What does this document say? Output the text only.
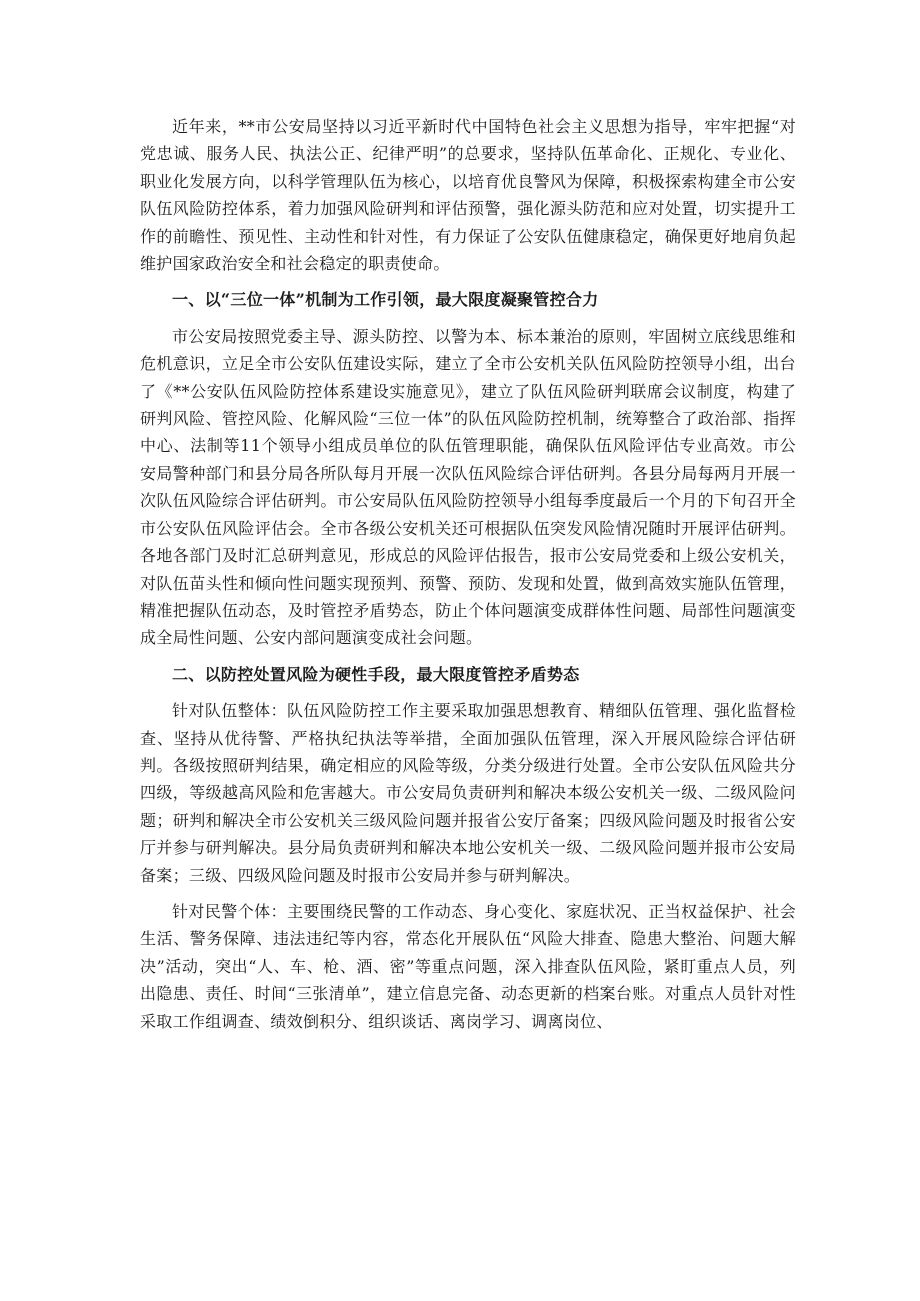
近年来，**市公安局坚持以习近平新时代中国特色社会主义思想为指导，牢牢把握“对党忠诚、服务人民、执法公正、纪律严明”的总要求，坚持队伍革命化、正规化、专业化、职业化发展方向，以科学管理队伍为核心，以培育优良警风为保障，积极探索构建全市公安队伍风险防控体系，着力加强风险研判和评估预警，强化源头防范和应对处置，切实提升工作的前瞻性、预见性、主动性和针对性，有力保证了公安队伍健康稳定，确保更好地肩负起维护国家政治安全和社会稳定的职责使命。

一、以“三位一体”机制为工作引领，最大限度凝聚管控合力

市公安局按照党委主导、源头防控、以警为本、标本兼治的原则，牢固树立底线思维和危机意识，立足全市公安队伍建设实际，建立了全市公安机关队伍风险防控领导小组，出台了《**公安队伍风险防控体系建设实施意见》，建立了队伍风险研判联席会议制度，构建了研判风险、管控风险、化解风险“三位一体”的队伍风险防控机制，统筹整合了政治部、指挥中心、法制等11个领导小组成员单位的队伍管理职能，确保队伍风险评估专业高效。市公安局警种部门和县分局各所队每月开展一次队伍风险综合评估研判。各县分局每两月开展一次队伍风险综合评估研判。市公安局队伍风险防控领导小组每季度最后一个月的下旬召开全市公安队伍风险评估会。全市各级公安机关还可根据队伍突发风险情况随时开展评估研判。各地各部门及时汇总研判意见，形成总的风险评估报告，报市公安局党委和上级公安机关，对队伍苗头性和倾向性问题实现预判、预警、预防、发现和处置，做到高效实施队伍管理，精准把握队伍动态，及时管控矛盾势态，防止个体问题演变成群体性问题、局部性问题演变成全局性问题、公安内部问题演变成社会问题。

二、以防控处置风险为硬性手段，最大限度管控矛盾势态

针对队伍整体：队伍风险防控工作主要采取加强思想教育、精细队伍管理、强化监督检查、坚持从优待警、严格执纪执法等举措，全面加强队伍管理，深入开展风险综合评估研判。各级按照研判结果，确定相应的风险等级，分类分级进行处置。全市公安队伍风险共分四级，等级越高风险和危害越大。市公安局负责研判和解决本级公安机关一级、二级风险问题；研判和解决全市公安机关三级风险问题并报省公安厅备案；四级风险问题及时报省公安厅并参与研判解决。县分局负责研判和解决本地公安机关一级、二级风险问题并报市公安局备案；三级、四级风险问题及时报市公安局并参与研判解决。

针对民警个体：主要围绕民警的工作动态、身心变化、家庭状况、正当权益保护、社会生活、警务保障、违法违纪等内容，常态化开展队伍“风险大排查、隐患大整治、问题大解决”活动，突出“人、车、枪、酒、密”等重点问题，深入排查队伍风险，紧盯重点人员，列出隐患、责任、时间“三张清单”，建立信息完备、动态更新的档案台账。对重点人员针对性采取工作组调查、绩效倒积分、组织谈话、离岗学习、调离岗位、
